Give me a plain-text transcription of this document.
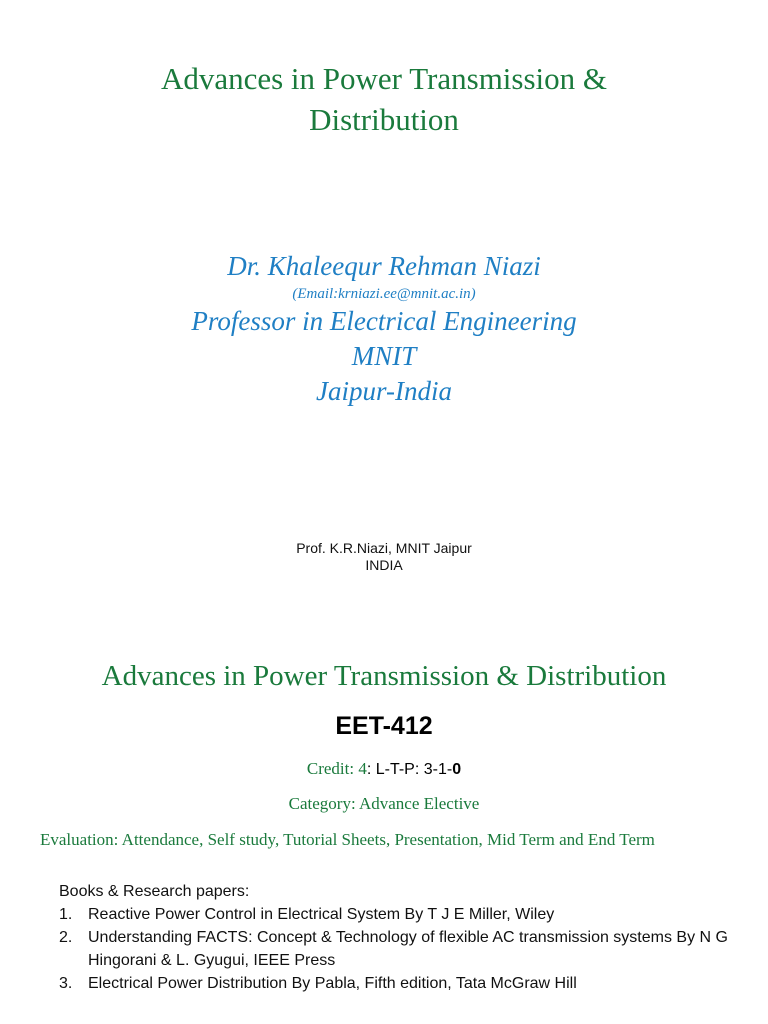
Advances in Power Transmission &
Distribution
Dr. Khaleequr Rehman Niazi
(Email:krniazi.ee@mnit.ac.in)
Professor in Electrical Engineering
MNIT
Jaipur-India
Prof. K.R.Niazi, MNIT Jaipur
INDIA
Advances in Power Transmission & Distribution
EET-412
Credit: 4: L-T-P: 3-1-0
Category: Advance Elective
Evaluation: Attendance, Self study, Tutorial Sheets, Presentation, Mid Term and End Term
Books & Research papers:
1. Reactive Power Control in Electrical System By T J E Miller, Wiley
2. Understanding FACTS: Concept & Technology of flexible AC transmission systems By N G Hingorani & L. Gyugui, IEEE Press
3. Electrical Power Distribution By Pabla, Fifth edition, Tata McGraw Hill
